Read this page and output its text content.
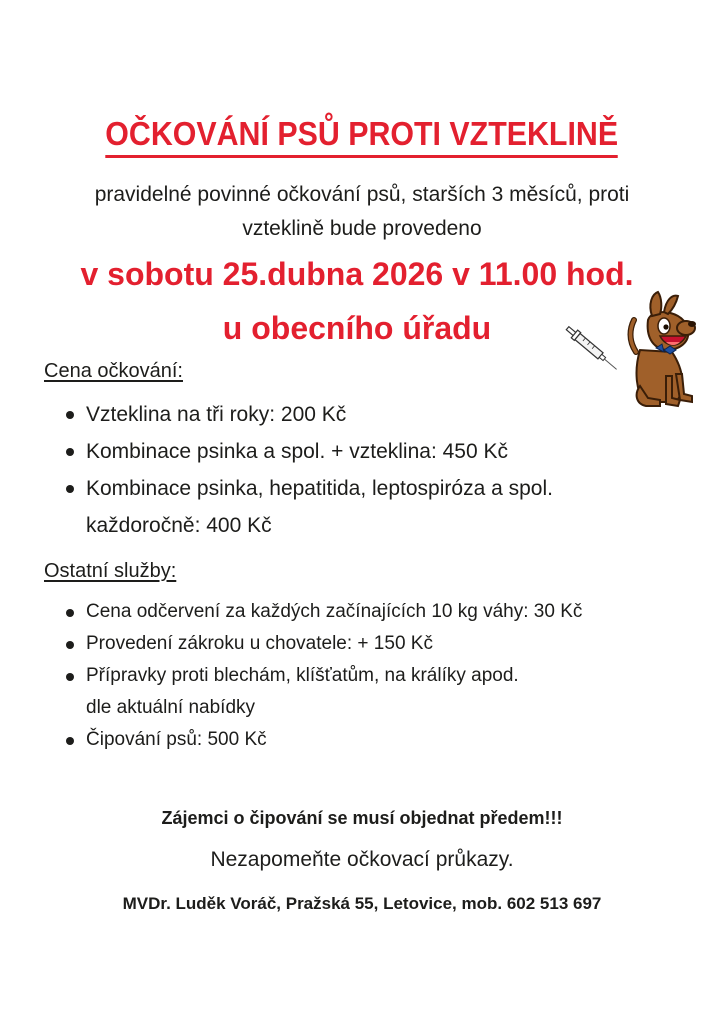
OČKOVÁNÍ PSŮ PROTI VZTEKLINĚ
pravidelné povinné očkování psů, starších 3 měsíců, proti
vzteklině bude provedeno
v sobotu 25.dubna 2026 v 11.00 hod.
u obecního úřadu
Cena očkování:
Vzteklina na tři roky: 200 Kč
Kombinace psinka a spol. + vzteklina: 450 Kč
Kombinace psinka, hepatitida, leptospiróza a spol.
každoročně: 400 Kč
Ostatní služby:
Cena odčervení za každých začínajících 10 kg váhy: 30 Kč
Provedení zákroku u chovatele: + 150 Kč
Přípravky proti blechám, klíšťatům, na králíky apod.
dle aktuální nabídky
Čipování psů: 500 Kč
Zájemci o čipování se musí objednat předem!!!
Nezapomeňte očkovací průkazy.
MVDr. Luděk Voráč, Pražská 55, Letovice, mob. 602 513 697
